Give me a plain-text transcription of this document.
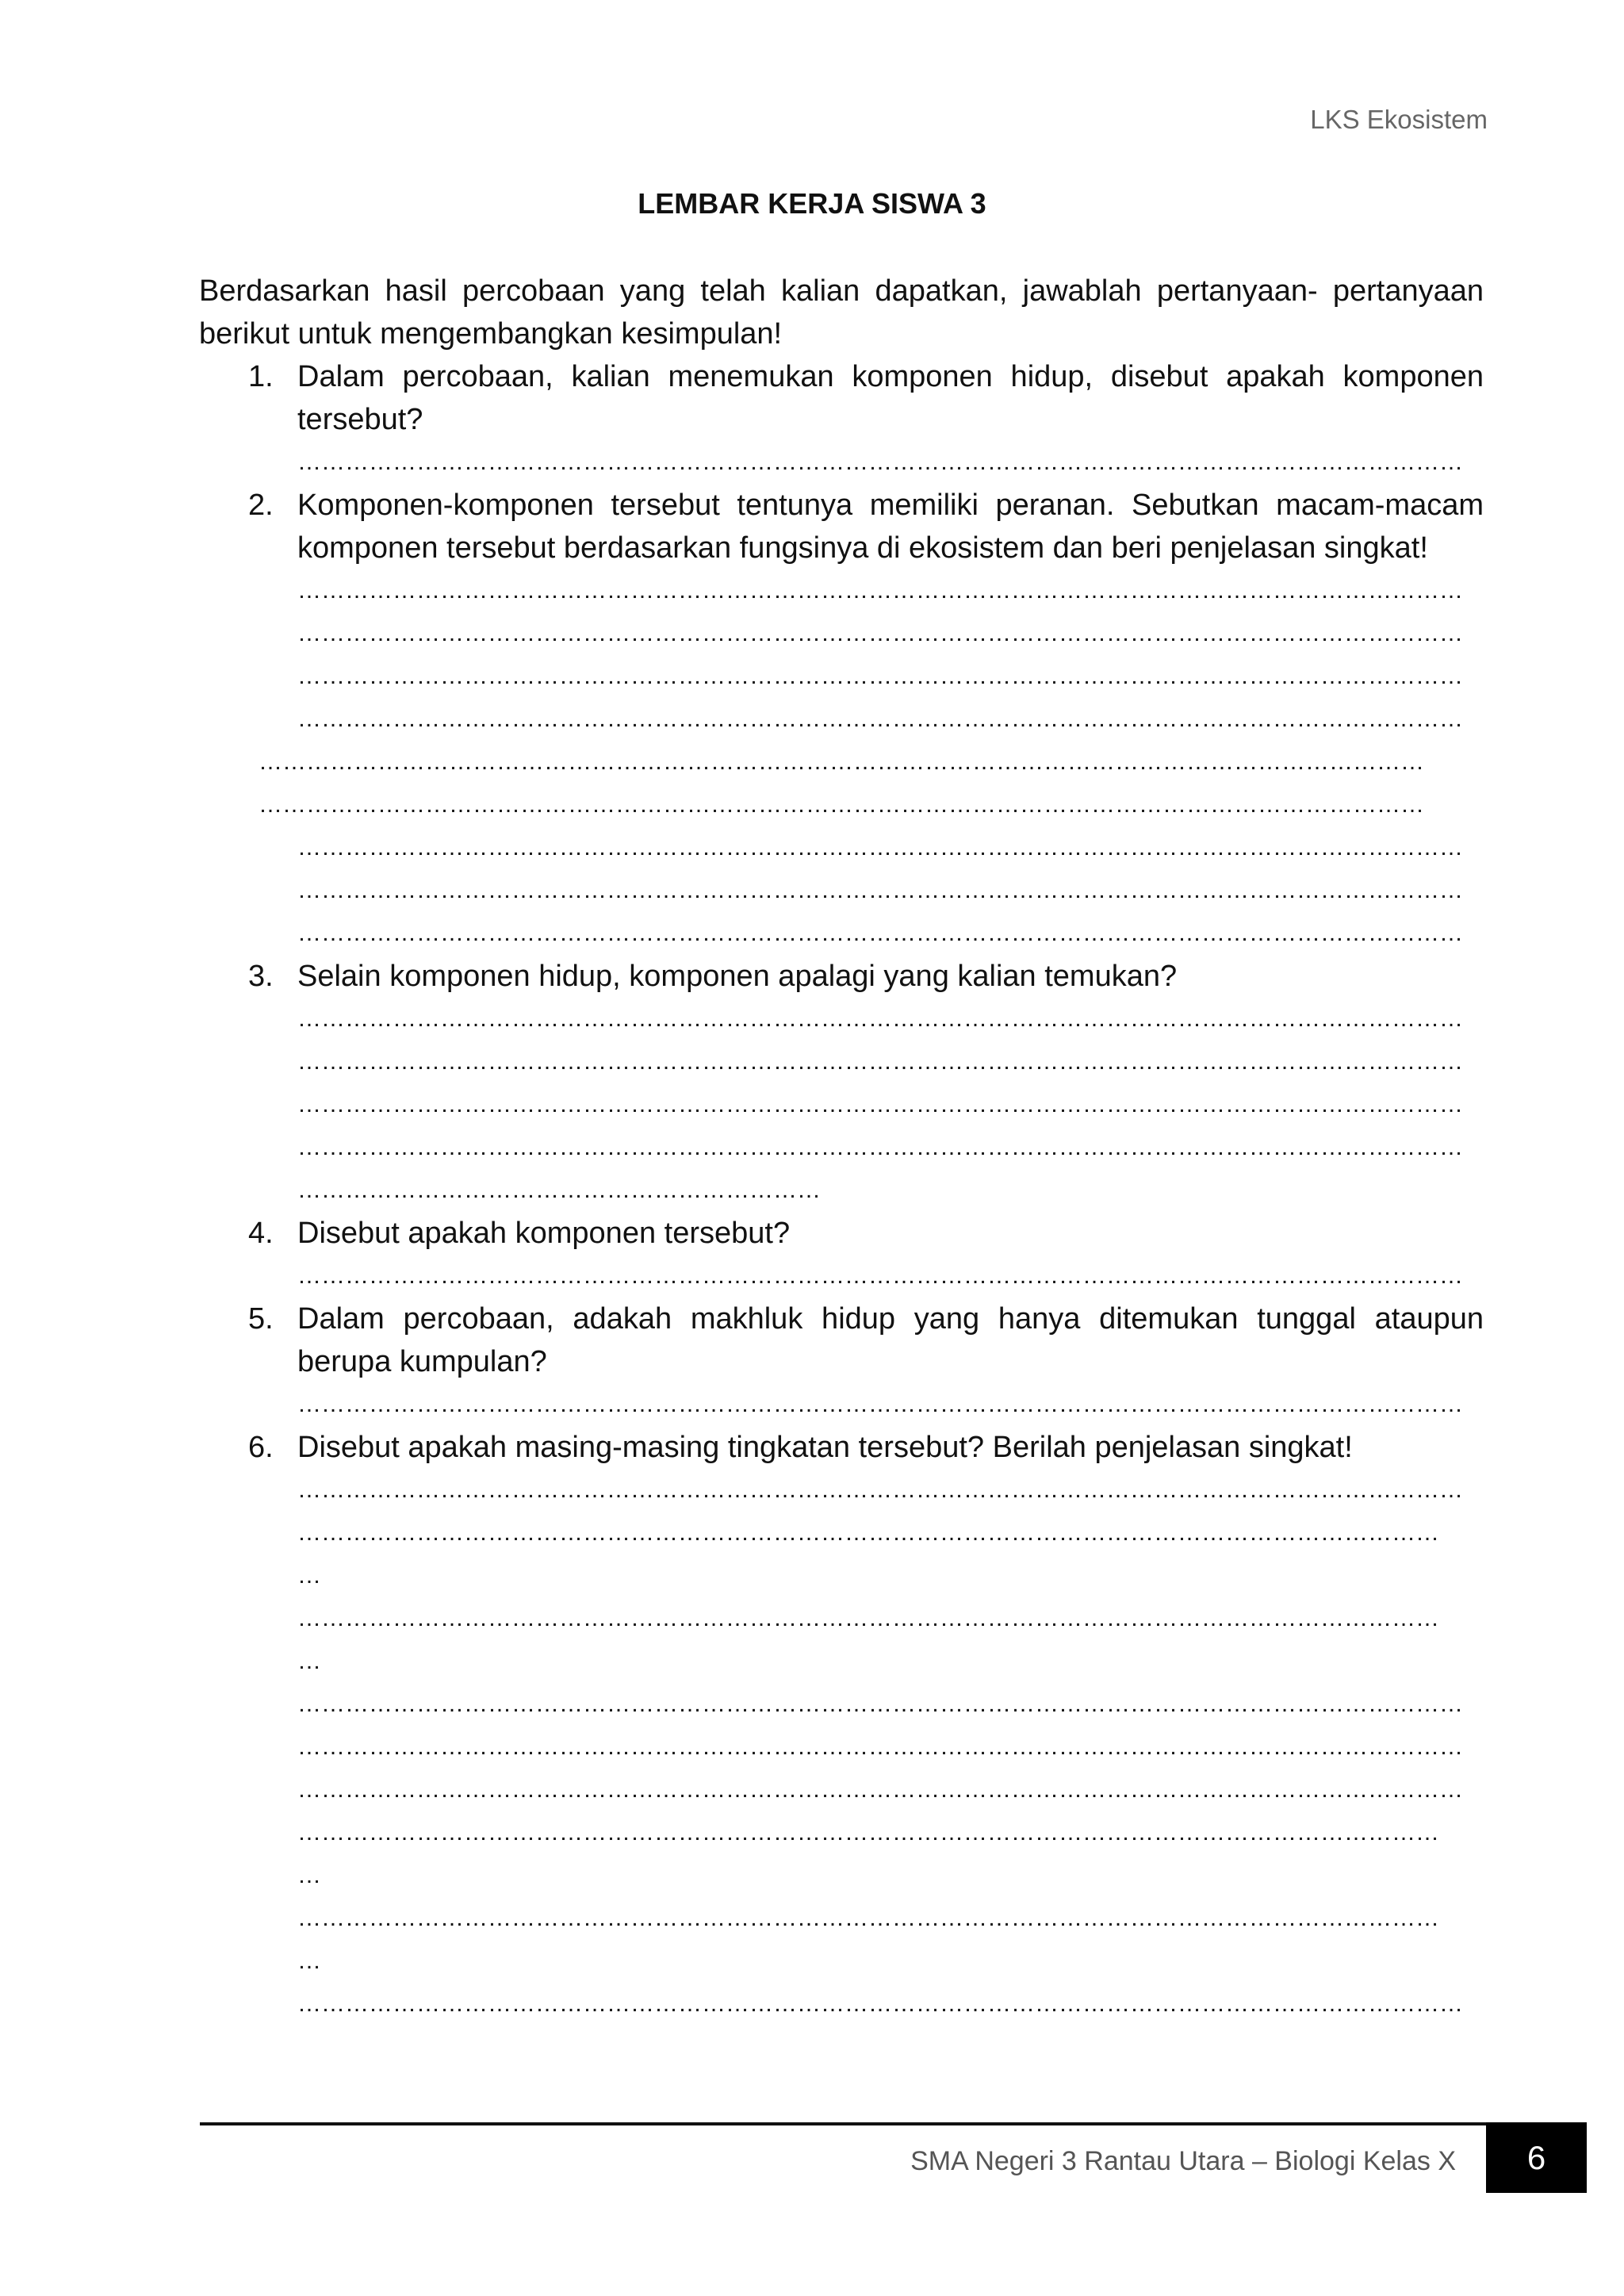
LKS Ekosistem
LEMBAR KERJA SISWA 3

Berdasarkan hasil percobaan yang telah kalian dapatkan, jawablah pertanyaan- pertanyaan berikut untuk mengembangkan kesimpulan!

1. Dalam percobaan, kalian menemukan komponen hidup, disebut apakah komponen tersebut?
…………………………………………………………………………………………………………………………………
2. Komponen-komponen tersebut tentunya memiliki peranan. Sebutkan macam-macam komponen tersebut berdasarkan fungsinya di ekosistem dan beri penjelasan singkat!
…………………………………………………………………………………………………………………………………
…………………………………………………………………………………………………………………………………
…………………………………………………………………………………………………………………………………
…………………………………………………………………………………………………………………………………
…………………………………………………………………………………………………………………………………
…………………………………………………………………………………………………………………………………
…………………………………………………………………………………………………………………………………
…………………………………………………………………………………………………………………………………
…………………………………………………………………………………………………………………………………
3. Selain komponen hidup, komponen apalagi yang kalian temukan?
…………………………………………………………………………………………………………………………………
…………………………………………………………………………………………………………………………………
…………………………………………………………………………………………………………………………………
…………………………………………………………………………………………………………………………………
…………………………………………………………
4. Disebut apakah komponen tersebut?
…………………………………………………………………………………………………………………………………
5. Dalam percobaan, adakah makhluk hidup yang hanya ditemukan tunggal ataupun berupa kumpulan?
…………………………………………………………………………………………………………………………………
6. Disebut apakah masing-masing tingkatan tersebut? Berilah penjelasan singkat!
…………………………………………………………………………………………………………………………………
………………………………………………………………………………………………………………………………
…
………………………………………………………………………………………………………………………………
…
…………………………………………………………………………………………………………………………………
…………………………………………………………………………………………………………………………………
…………………………………………………………………………………………………………………………………
………………………………………………………………………………………………………………………………
…
………………………………………………………………………………………………………………………………
…
…………………………………………………………………………………………………………………………………
SMA Negeri 3 Rantau Utara – Biologi Kelas X	6
